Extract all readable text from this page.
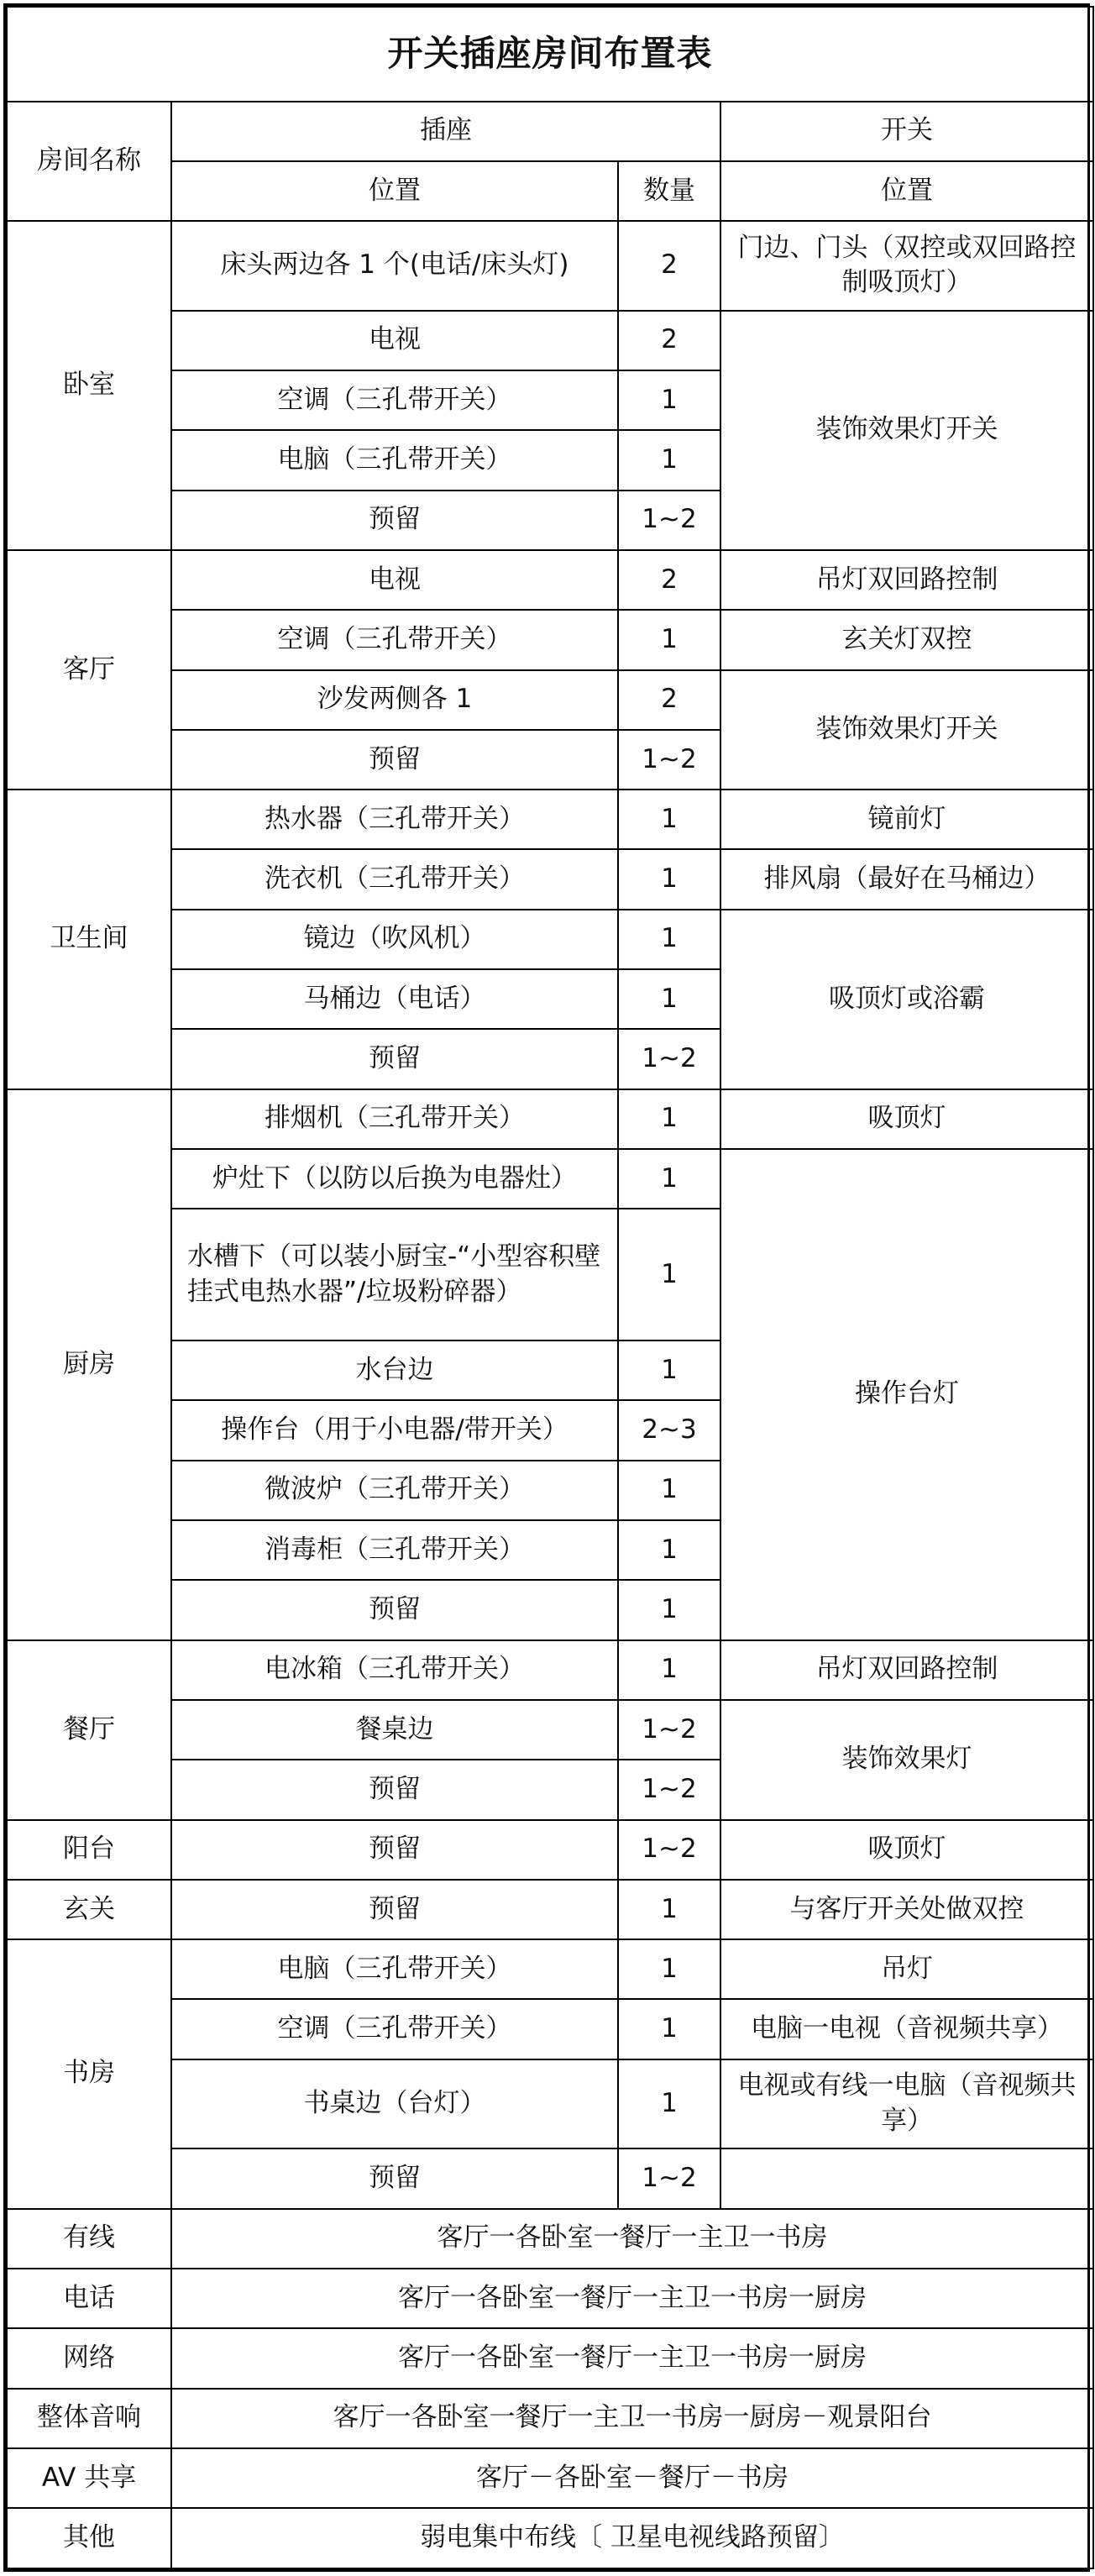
开关插座房间布置表			
房间名称	插座		开关
	位置	数量	位置
卧室	床头两边各 1 个(电话/床头灯)	2	门边、门头（双控或双回路控制吸顶灯）
	电视	2	装饰效果灯开关
	空调（三孔带开关）	1	
	电脑（三孔带开关）	1	
	预留	1~2	
客厅	电视	2	吊灯双回路控制
	空调（三孔带开关）	1	玄关灯双控
	沙发两侧各 1	2	装饰效果灯开关
	预留	1~2	
卫生间	热水器（三孔带开关）	1	镜前灯
	洗衣机（三孔带开关）	1	排风扇（最好在马桶边）
	镜边（吹风机）	1	吸顶灯或浴霸
	马桶边（电话）	1	
	预留	1~2	
厨房	排烟机（三孔带开关）	1	吸顶灯
	炉灶下（以防以后换为电器灶）	1	操作台灯
	水槽下（可以装小厨宝-“小型容积壁挂式电热水器”/垃圾粉碎器）	1	
	水台边	1	
	操作台（用于小电器/带开关）	2~3	
	微波炉（三孔带开关）	1	
	消毒柜（三孔带开关）	1	
	预留	1	
餐厅	电冰箱（三孔带开关）	1	吊灯双回路控制
	餐桌边	1~2	装饰效果灯
	预留	1~2	
阳台	预留	1~2	吸顶灯
玄关	预留	1	与客厅开关处做双控
书房	电脑（三孔带开关）	1	吊灯
	空调（三孔带开关）	1	电脑一电视（音视频共享）
	书桌边（台灯）	1	电视或有线一电脑（音视频共享）
	预留	1~2	
有线	客厅一各卧室一餐厅一主卫一书房		
电话	客厅一各卧室一餐厅一主卫一书房一厨房		
网络	客厅一各卧室一餐厅一主卫一书房一厨房		
整体音响	客厅一各卧室一餐厅一主卫一书房一厨房－观景阳台		
AV 共享	客厅－各卧室－餐厅－书房		
其他	弱电集中布线〔 卫星电视线路预留〕		
